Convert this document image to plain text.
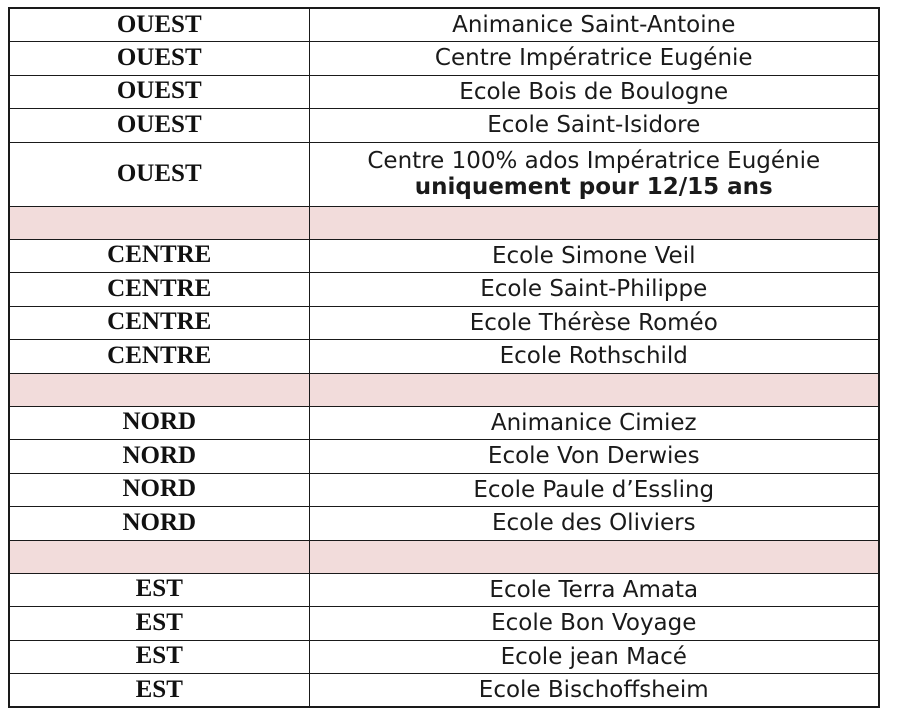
OUEST	Animanice Saint-Antoine
OUEST	Centre Impératrice Eugénie
OUEST	Ecole Bois de Boulogne
OUEST	Ecole Saint-Isidore
OUEST	Centre 100% ados Impératrice Eugénie
uniquement pour 12/15 ans

CENTRE	Ecole Simone Veil
CENTRE	Ecole Saint-Philippe
CENTRE	Ecole Thérèse Roméo
CENTRE	Ecole Rothschild

NORD	Animanice Cimiez
NORD	Ecole Von Derwies
NORD	Ecole Paule d’Essling
NORD	Ecole des Oliviers

EST	Ecole Terra Amata
EST	Ecole Bon Voyage
EST	Ecole jean Macé
EST	Ecole Bischoffsheim
